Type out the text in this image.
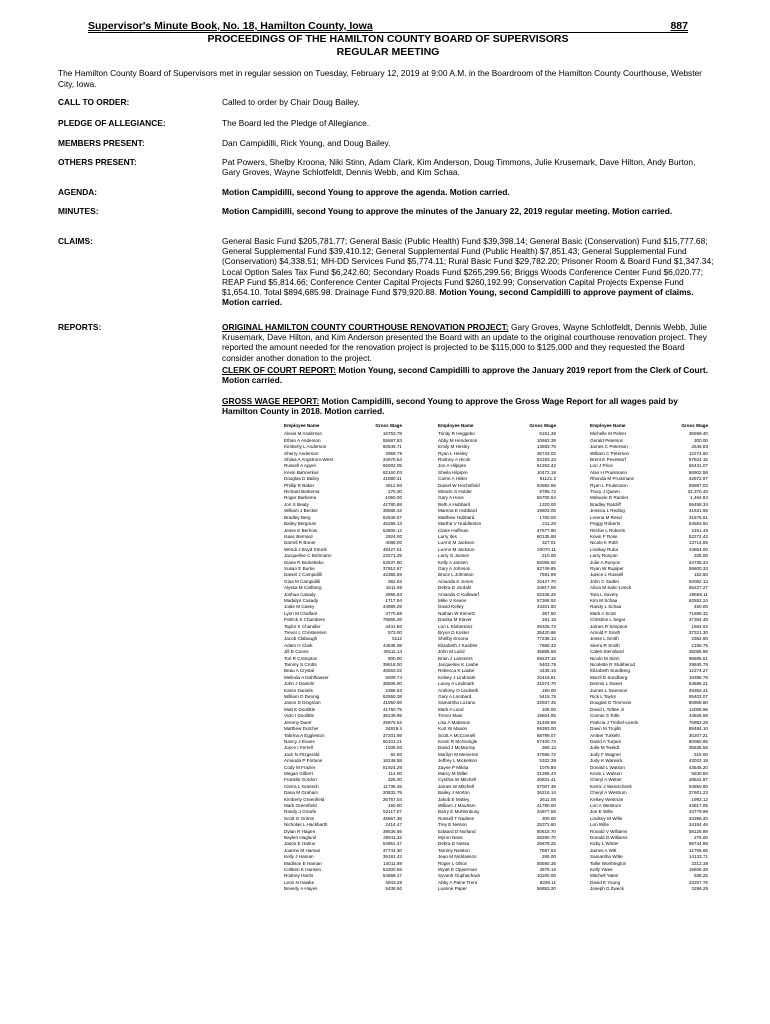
Supervisor's Minute Book, No. 18, Hamilton County, Iowa	887
PROCEEDINGS OF THE HAMILTON COUNTY BOARD OF SUPERVISORS
REGULAR MEETING
The Hamilton County Board of Supervisors met in regular session on Tuesday, February 12, 2019 at 9:00 A.M. in the Boardroom of the Hamilton County Courthouse, Webster City, Iowa.
CALL TO ORDER:	Called to order by Chair Doug Bailey.
PLEDGE OF ALLEGIANCE:	The Board led the Pledge of Allegiance.
MEMBERS PRESENT:	Dan Campidilli, Rick Young, and Doug Bailey.
OTHERS PRESENT:	Pat Powers, Shelby Kroona, Niki Stinn, Adam Clark, Kim Anderson, Doug Timmons, Julie Krusemark, Dave Hilton, Andy Burton, Gary Groves, Wayne Schlotfeldt, Dennis Webb, and Kim Schaa.
AGENDA:	Motion Campidilli, second Young to approve the agenda. Motion carried.
MINUTES:	Motion Campidilli, second Young to approve the minutes of the January 22, 2019 regular meeting. Motion carried.
CLAIMS:	General Basic Fund $205,781.77; General Basic (Public Health) Fund $39,398.14; General Basic (Conservation) Fund $15,777.68; General Supplemental Fund $39,410.12; General Supplemental Fund (Public Health) $7,851.43; General Supplemental Fund (Conservation) $4,338.51; MH-DD Services Fund $5,774.11; Rural Basic Fund $29,782.20; Prisoner Room & Board Fund $1,347.34; Local Option Sales Tax Fund $6,242.60; Secondary Roads Fund $265,299.56; Briggs Woods Conference Center Fund $6,020.77; REAP Fund $5,814.66; Conference Center Capital Projects Fund $260,192.99; Conservation Capital Projects Expense Fund $1,654.10. Total $894,685.98. Drainage Fund $79,920.88. Motion Young, second Campidilli to approve payment of claims. Motion carried.
REPORTS:	ORIGINAL HAMILTON COUNTY COURTHOUSE RENOVATION PROJECT: Gary Groves, Wayne Schlotfeldt, Dennis Webb, Julie Krusemark, Dave Hilton, and Kim Anderson presented the Board with an update to the original courthouse renovation project. They reported the amount needed for the renovation project is projected to be $115,000 to $125,000 and they requested the Board consider another donation to the project.
CLERK OF COURT REPORT: Motion Young, second Campidilli to approve the January 2019 report from the Clerk of Court. Motion carried.
GROSS WAGE REPORT: Motion Campidilli, second Young to approve the Gross Wage Report for all wages paid by Hamilton County in 2018. Motion carried.
Employee Name	Gross Wage
Alexis M Anderson	16753.79
Ethan A Anderson	55687.93
Kimberly L Anderson	60549.71
Sherry Anderson	2959.79
Shiisa A Angstrom-West	34970.54
Russell A Appel	65002.05
Kevin Bahnerkus	62160.03
Douglas D Bailey	41680.41
Phillip R Baker	4612.50
Richard Barkema	275.00
Roger Barkema	1060.00
Jon S Beaty	42780.88
William J Becker	38688.42
Bradley Berg	62646.57
Bailey Bergman	45286.13
Jesse E Berhow	53606.12
Isaac Bernard	2924.00
Darrell R Boner	4086.00
Wendi J Boyd Strunk	48427.51
Jacqueline C Bohmann	23271.25
Diane R Burkettsko	52537.80
Susan E Burke	37912.67
Daniel J Campidilli	42385.59
Gina M Campidilli	382.63
Alyssa M Carlberg	1611.66
Joshua Casady	3965.83
Madalyn Casady	1717.94
Jodie M Casey	44989.29
Lynn M Chalfant	3770.66
Patrick S Chambers	78865.26
Taylor K Chandler	4441.50
Trevor L Christensen	573.00
Jacob Clabaugh	5112
Adam H Clark	44635.08
Jill D Coons	39111.14
Tori R Crampton	800.00
Tammy S Crotts	38618.00
Beau A Crystal	46563.02
Melinda A Dahlhauser	5009.74
John J Daniels	38506.00
Karen Daniels	2366.63
William D Dennig	62550.38
Jason D Dingman	41950.96
Matt E Doolittle	41760.75
Vicki I Doolittle	36238.95
Jeremy Duerr	25875.62
Matthew Dutcher	34919.4
Tabrina A Eggleston	37201.98
Nancy J Evans	50101.21
Joyce I Ferrell	1035.00
Jack N Fitzgerald	82.50
Amanda P Fortune	16248.58
Cody M Frazier	51924.29
Megan Gilbert	114.00
Franklin Gordon	325.00
Cierra L Graesch	11736.46
Dana M Graham	20832.75
Kimberly Greenfield	26757.04
Mark Greenfield	450.00
Randy J Greufe	52117.07
Scott G Grimm	45667.36
Nicholas L Hackbarth	2414.47
Dylan R Hagen	39536.65
Baylen Haglund	35911.32
Jason E Hahne	54951.47
Joanne M Haman	37744.30
Kelly J Haman	39181.42
Madison E Haman	14011.69
Colleen K Hansen	54200.55
Rodney Harris	54658.17
Leon N Hawke	4943.25
Beverly A Hayes	5438.60
Employee Name	Gross Wage
Trinity R Heggebo	6151.36
Abby M Henderson	10663.38
Emily M Hesley	13593.76
Ryan L Hesley	35743.02
Rodney A Hicok	63193.33
Jon A Hilpipre	61262.42
Sheila Hilpipre	10472.18
Carrie A Hisler	61121.2
Daniel W Hochefield	54982.66
Miracle S Holder	8785.72
Gary A Hove	55706.54
Beth A Hubbard	1320.00
Marena E Hubbard	19603.05
Matthew Hubbard	1760.00
Martha V Huddleston	211.28
Claire Huffman	47677.90
Larry Iles	60135.88
LuAnn M Jackson	327.01
LuAnn M Jackson	20070.11
Larry G Jansen	210.00
Kelly A Jansen	55055.50
Gary A Johnson	62749.85
Bruce L Johnston	7591.96
Amanda K Jones	32427.70
Debra D Jordahl	34817.06
Amanda G Kalkwarf	32345.25
Mike V Keane	57368.92
David Kelley	43201.60
Nathan W Kinnetz	367.50
Danika M Klaver	161.19
Lori L Klobertanz	45326.73
Bryon D Koster	35420.86
Shelby Kroona	77235.13
Elizabeth J Kuebler	7658.32
John M Laird	45885.68
Brian J Lammers	59237.16
Jacqueline K Laube	5403.75
Rebecca K Laube	4436.16
Kelsey J Lindmark	32416.91
Lacey A Lindmark	31574.70
Anthony O Lindseth	160.00
Gary A Lombard	5415.75
Samantha Lozano	32937.45
Mark A Lund	105.00
Trevor Main	19504.95
Lisa A Matteson	31408.59
Kurt W Maxon	59393.00
Scott A McConnell	68799.07
Kevin R McGonigle	57400.73
David J McMurray	366.13
Marilyn M Meineres	37565.72
Jeffrey L Mickelson	5322.38
Zayne P Mikita	1078.80
Marcy M Miller	31286.43
Cynthia W Mitchell	40821.41
James W Mitchell	57007.38
Bailey J Morton	36216.14
Jakob E Motley	2611.06
William J Mourlam	41780.00
Barry E Muhlenburg	34977.59
Russell T Nadeen	300.00
Trey E Nelson	25372.60
Edward D Norland	60615.70
Myron Ness	28290.70
Debra D Nessa	26878.25
Tammy Newton	7587.92
Jean M Nicklasson	285.00
Roger L Olson	55590.38
Wyatt E Opperman	4578.16
Syvanh Ouphachack	10200.00
Abby A Paine Trent	8339.11
Luanne Paper	56853.20
Employee Name	Gross Wage
Michelle M Pelzer	35599.40
Gerald Peterson	300.00
James C Peterson	2645.83
William C Peterson	12274.60
Brent E Pevestorf	57824.15
Lori J Price	56431.07
Alan H Pruismann	56902.58
Rhonda M Pruismann	42572.97
Ryan L Pruismann	59987.03
Tracy J Queen	32,370.40
Melaurie D Ramler	1,464.84
Bradley Ratcliff	55458.34
Jessica L Reding	41631.66
Lorena M Reed	31576.61
Peggy Roberts	54583.50
Ritchie L Roberts	3151.46
Kevin F Rose	52272.42
Nicole K Roth	13714.59
Lindsay Ruba	43864.00
Larry Runyan	325.00
Julie A Runyon	34735.34
Ryan W Rupiper	59600.33
Janice L Russell	152.50
John C Sadler	62082.13
Alicia M Salic-Leeck	55227.27
Tara L Savery	29659.11
Kim M Schaa	62552.24
Randy L Schaa	450.00
Mark A Scott	71699.32
Christine L Segar	47364.49
James R Simpson	1663.92
Arnold F Smith	37321.30
Jesse L Smith	3382.90
Sierra R Smith	2156.75
Caleb Stensland	35055.96
Nicole M Stinn	96595.51
Nicolette R Stubberud	29845.78
Elizabeth Sundberg	12274.27
Murril D Sundberg	19396.78
Dennis L Sweet	54686.21
James L Swenson	49362.41
Rick L Taylor	55403.07
Douglas D Timmons	80908.80
David L Toftee Jr	12006.96
Connie S Tolle	44826.69
Patricia J Treibel-Leeds	76952.28
Dawn M Trujillo	68484.10
Amber Turkelti	30207.21
David A Turpen	60050.95
Julie M Tweldt	35535.58
Judy F Wagner	315.00
Judy K Warwick	43022.19
Donald L Watson	43545.20
Kevin L Watson	5530.50
Cheryl A Weber	48542.87
Kerric J Weinschenk	54850.80
Cheryl A Westrum	37601.23
Kelsey Westrum	1993.12
Lori A Westrum	43817.05
Joe E Wille	43779.99
Lindsey M Wille	34396.20
Lori Wille	34154.46
Ronald V Williams	58125.89
Donald D Williams	275.00
Kirby L Winter	58744.89
James A Witt	11706.65
Samantha Witte	14133.71
Tallie Worthington	3312.38
Kelly Yates	19606.28
Mitchell Yates	938.25
David E Young	43257.76
Joseph D Zweck	3296.25
